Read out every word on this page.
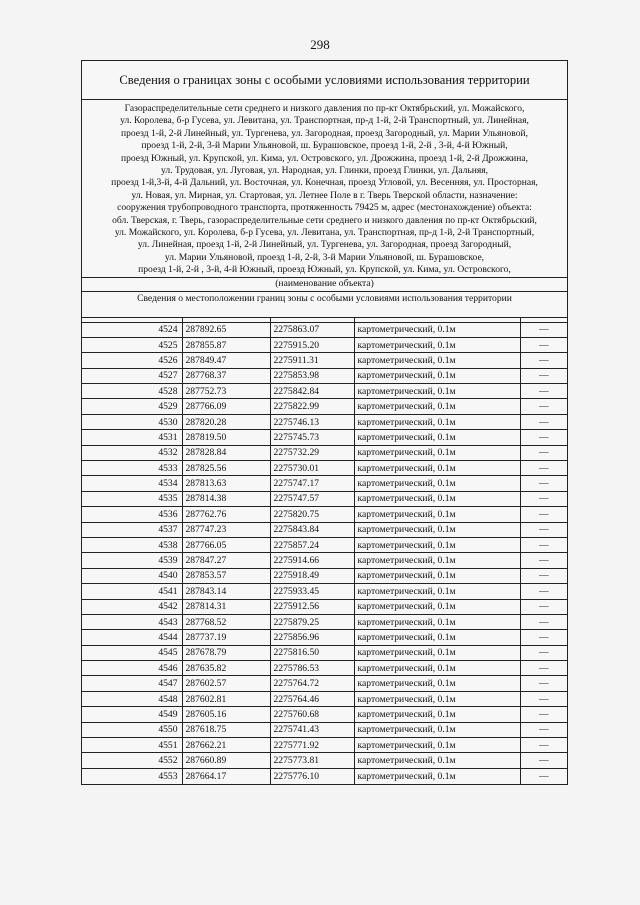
298
Сведения о границах зоны с особыми условиями использования территории
Газораспределительные сети среднего и низкого давления по пр-кт Октябрьский, ул. Можайского,
ул. Королева, б-р Гусева, ул. Левитана, ул. Транспортная, пр-д 1-й, 2-й Транспортный, ул. Линейная,
проезд 1-й, 2-й Линейный, ул. Тургенева, ул. Загородная, проезд Загородный, ул. Марии Ульяновой,
проезд 1-й, 2-й, 3-й Марии Ульяновой, ш. Бурашовское, проезд 1-й, 2-й , 3-й, 4-й Южный,
проезд Южный, ул. Крупской, ул. Кима, ул. Островского, ул. Дрожжина, проезд 1-й, 2-й Дрожжина,
ул. Трудовая, ул. Луговая, ул. Народная, ул. Глинки, проезд Глинки, ул. Дальняя,
проезд 1-й,3-й, 4-й Дальний, ул. Восточная, ул. Конечная, проезд Угловой, ул. Весенняя, ул. Просторная,
ул. Новая, ул. Мирная, ул. Стартовая, ул. Летнее Поле в г. Тверь Тверской области, назначение:
сооружения трубопроводного транспорта, протяженность 79425 м, адрес (местонахождение) объекта:
обл. Тверская, г. Тверь, газораспределительные сети среднего и низкого давления по пр-кт Октябрьский,
ул. Можайского, ул. Королева, б-р Гусева, ул. Левитана, ул. Транспортная, пр-д 1-й, 2-й Транспортный,
ул. Линейная, проезд 1-й, 2-й Линейный, ул. Тургенева, ул. Загородная, проезд Загородный,
ул. Марии Ульяновой, проезд 1-й, 2-й, 3-й Марии Ульяновой, ш. Бурашовское,
проезд 1-й, 2-й , 3-й, 4-й Южный, проезд Южный, ул. Крупской, ул. Кима, ул. Островского,
(наименование объекта)
Сведения о местоположении границ зоны с особыми условиями использования территории

4524	287892.65	2275863.07	картометрический, 0.1м	—
4525	287855.87	2275915.20	картометрический, 0.1м	—
4526	287849.47	2275911.31	картометрический, 0.1м	—
4527	287768.37	2275853.98	картометрический, 0.1м	—
4528	287752.73	2275842.84	картометрический, 0.1м	—
4529	287766.09	2275822.99	картометрический, 0.1м	—
4530	287820.28	2275746.13	картометрический, 0.1м	—
4531	287819.50	2275745.73	картометрический, 0.1м	—
4532	287828.84	2275732.29	картометрический, 0.1м	—
4533	287825.56	2275730.01	картометрический, 0.1м	—
4534	287813.63	2275747.17	картометрический, 0.1м	—
4535	287814.38	2275747.57	картометрический, 0.1м	—
4536	287762.76	2275820.75	картометрический, 0.1м	—
4537	287747.23	2275843.84	картометрический, 0.1м	—
4538	287766.05	2275857.24	картометрический, 0.1м	—
4539	287847.27	2275914.66	картометрический, 0.1м	—
4540	287853.57	2275918.49	картометрический, 0.1м	—
4541	287843.14	2275933.45	картометрический, 0.1м	—
4542	287814.31	2275912.56	картометрический, 0.1м	—
4543	287768.52	2275879.25	картометрический, 0.1м	—
4544	287737.19	2275856.96	картометрический, 0.1м	—
4545	287678.79	2275816.50	картометрический, 0.1м	—
4546	287635.82	2275786.53	картометрический, 0.1м	—
4547	287602.57	2275764.72	картометрический, 0.1м	—
4548	287602.81	2275764.46	картометрический, 0.1м	—
4549	287605.16	2275760.68	картометрический, 0.1м	—
4550	287618.75	2275741.43	картометрический, 0.1м	—
4551	287662.21	2275771.92	картометрический, 0.1м	—
4552	287660.89	2275773.81	картометрический, 0.1м	—
4553	287664.17	2275776.10	картометрический, 0.1м	—
